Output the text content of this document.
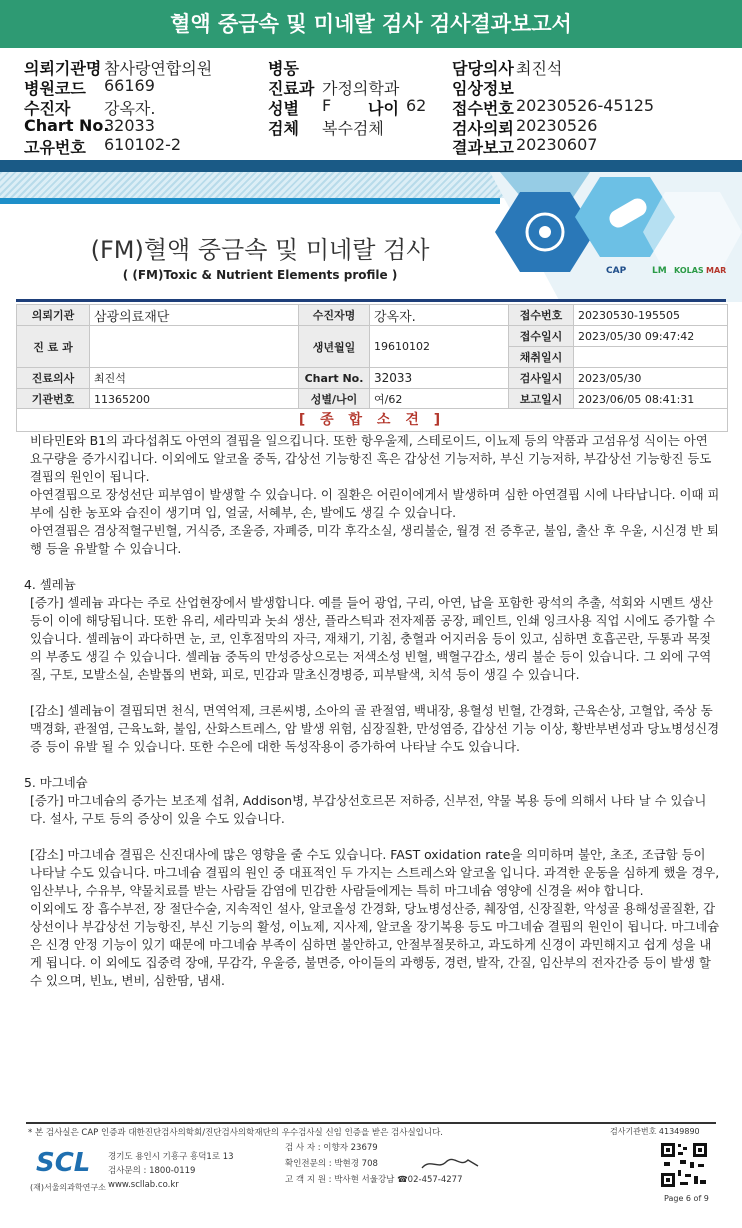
혈액 중금속 및 미네랄 검사 검사결과보고서
의뢰기관명 참사랑연합의원
병원코드 66169
수진자 강옥자.
Chart No.
32033
고유번호 610102-2
병동
진료과 가정의학과
성별 F 나이 62
검체 복수검체
담당의사 최진석
임상정보
접수번호 20230526-45125
검사의뢰 20230526
결과보고 20230607
CAP	LM KOLAS MAR
(FM)혈액 중금속 및 미네랄 검사
( (FM)Toxic & Nutrient Elements profile )
의뢰기관	삼광의료재단	수진자명	강옥자.	접수번호	20230530-195505
진 료 과		생년월일	19610102	접수일시	2023/05/30 09:47:42
				채취일시	
진료의사	최진석	Chart No.	32033	검사일시	2023/05/30
기관번호	11365200	성별/나이	여/62	보고일시	2023/06/05 08:41:31
[ 종 합 소 견 ]

비타민E와 B1의 과다섭취도 아연의 결핍을 일으킵니다. 또한 항우울제, 스테로이드, 이뇨제 등의 약품과 고섬유성 식이는 아연 요구량을 증가시킵니다. 이외에도 알코올 중독, 갑상선 기능항진 혹은 갑상선 기능저하, 부신 기능저하, 부갑상선 기능항진 등도 결핍의 원인이 됩니다.

아연결핍으로 장성선단 피부염이 발생할 수 있습니다. 이 질환은 어린이에게서 발생하며 심한 아연결핍 시에 나타납니다. 이때 피부에 심한 농포와 습진이 생기며 입, 얼굴, 서혜부, 손, 발에도 생길 수 있습니다.

아연결핍은 겸상적혈구빈혈, 거식증, 조울증, 자폐증, 미각 후각소실, 생리불순, 월경 전 증후군, 불임, 출산 후 우울, 시신경 반 퇴행 등을 유발할 수 있습니다.

4. 셀레늄

[증가] 셀레늄 과다는 주로 산업현장에서 발생합니다. 예를 들어 광업, 구리, 아연, 납을 포함한 광석의 추출, 석회와 시멘트 생산 등이 이에 해당됩니다. 또한 유리, 세라믹과 놋쇠 생산, 플라스틱과 전자제품 공장, 페인트, 인쇄 잉크사용 직업 시에도 증가할 수 있습니다. 셀레늄이 과다하면 눈, 코, 인후점막의 자극, 재채기, 기침, 충혈과 어지러움 등이 있고, 심하면 호흡곤란, 두통과 목젖의 부종도 생길 수 있습니다. 셀레늄 중독의 만성증상으로는 저색소성 빈혈, 백혈구감소, 생리 불순 등이 있습니다. 그 외에 구역질, 구토, 모발소실, 손발톱의 변화, 피로, 민감과 말초신경병증, 피부탈색, 치석 등이 생길 수 있습니다.

[감소] 셀레늄이 결핍되면 천식, 면역억제, 크론씨병, 소아의 골 관절염, 백내장, 용혈성 빈혈, 간경화, 근육손상, 고혈압, 죽상 동맥경화, 관절염, 근육노화, 불임, 산화스트레스, 암 발생 위험, 심장질환, 만성염증, 갑상선 기능 이상, 황반부변성과 당뇨병성신경증 등이 유발 될 수 있습니다. 또한 수은에 대한 독성작용이 증가하여 나타날 수도 있습니다.

5. 마그네슘

[증가] 마그네슘의 증가는 보조제 섭취, Addison병, 부갑상선호르몬 저하증, 신부전, 약물 복용 등에 의해서 나타 날 수 있습니다. 설사, 구토 등의 증상이 있을 수도 있습니다.

[감소] 마그네슘 결핍은 신진대사에 많은 영향을 줄 수도 있습니다. FAST oxidation rate을 의미하며 불안, 초조, 조급함 등이 나타날 수도 있습니다. 마그네슘 결핍의 원인 중 대표적인 두 가지는 스트레스와 알코올 입니다. 과격한 운동을 심하게 했을 경우, 임산부나, 수유부, 약물치료를 받는 사람들 감염에 민감한 사람들에게는 특히 마그네슘 영양에 신경을 써야 합니다.

이외에도 장 흡수부전, 장 절단수술, 지속적인 설사, 알코올성 간경화, 당뇨병성산증, 췌장염, 신장질환, 악성골 용해성골질환, 갑상선이나 부갑상선 기능항진, 부신 기능의 활성, 이뇨제, 지사제, 알코올 장기복용 등도 마그네슘 결핍의 원인이 됩니다. 마그네슘은 신경 안정 기능이 있기 때문에 마그네슘 부족이 심하면 불안하고, 안절부절못하고, 과도하게 신경이 과민해지고 쉽게 성을 내게 됩니다. 이 외에도 집중력 장애, 무감각, 우울증, 불면증, 아이들의 과행동, 경련, 발작, 간질, 임산부의 전자간증 등이 발생 할 수 있으며, 빈뇨, 변비, 심한땀, 냄새.

* 본 검사실은 CAP 인증과 대한진단검사의학회/진단검사의학재단의 우수검사실 신임 인증을 받은 검사실입니다.	검사기관번호 41349890
SCL
(재)서울의과학연구소
경기도 용인시 기흥구 흥덕1로 13
검사문의 : 1800-0119
www.scllab.co.kr
검 사 자 : 이향자 23679
확인전문의 : 박현경 708
고 객 지 원 : 박사현 서울강남 ☎02-457-4277
Page 6 of 9
